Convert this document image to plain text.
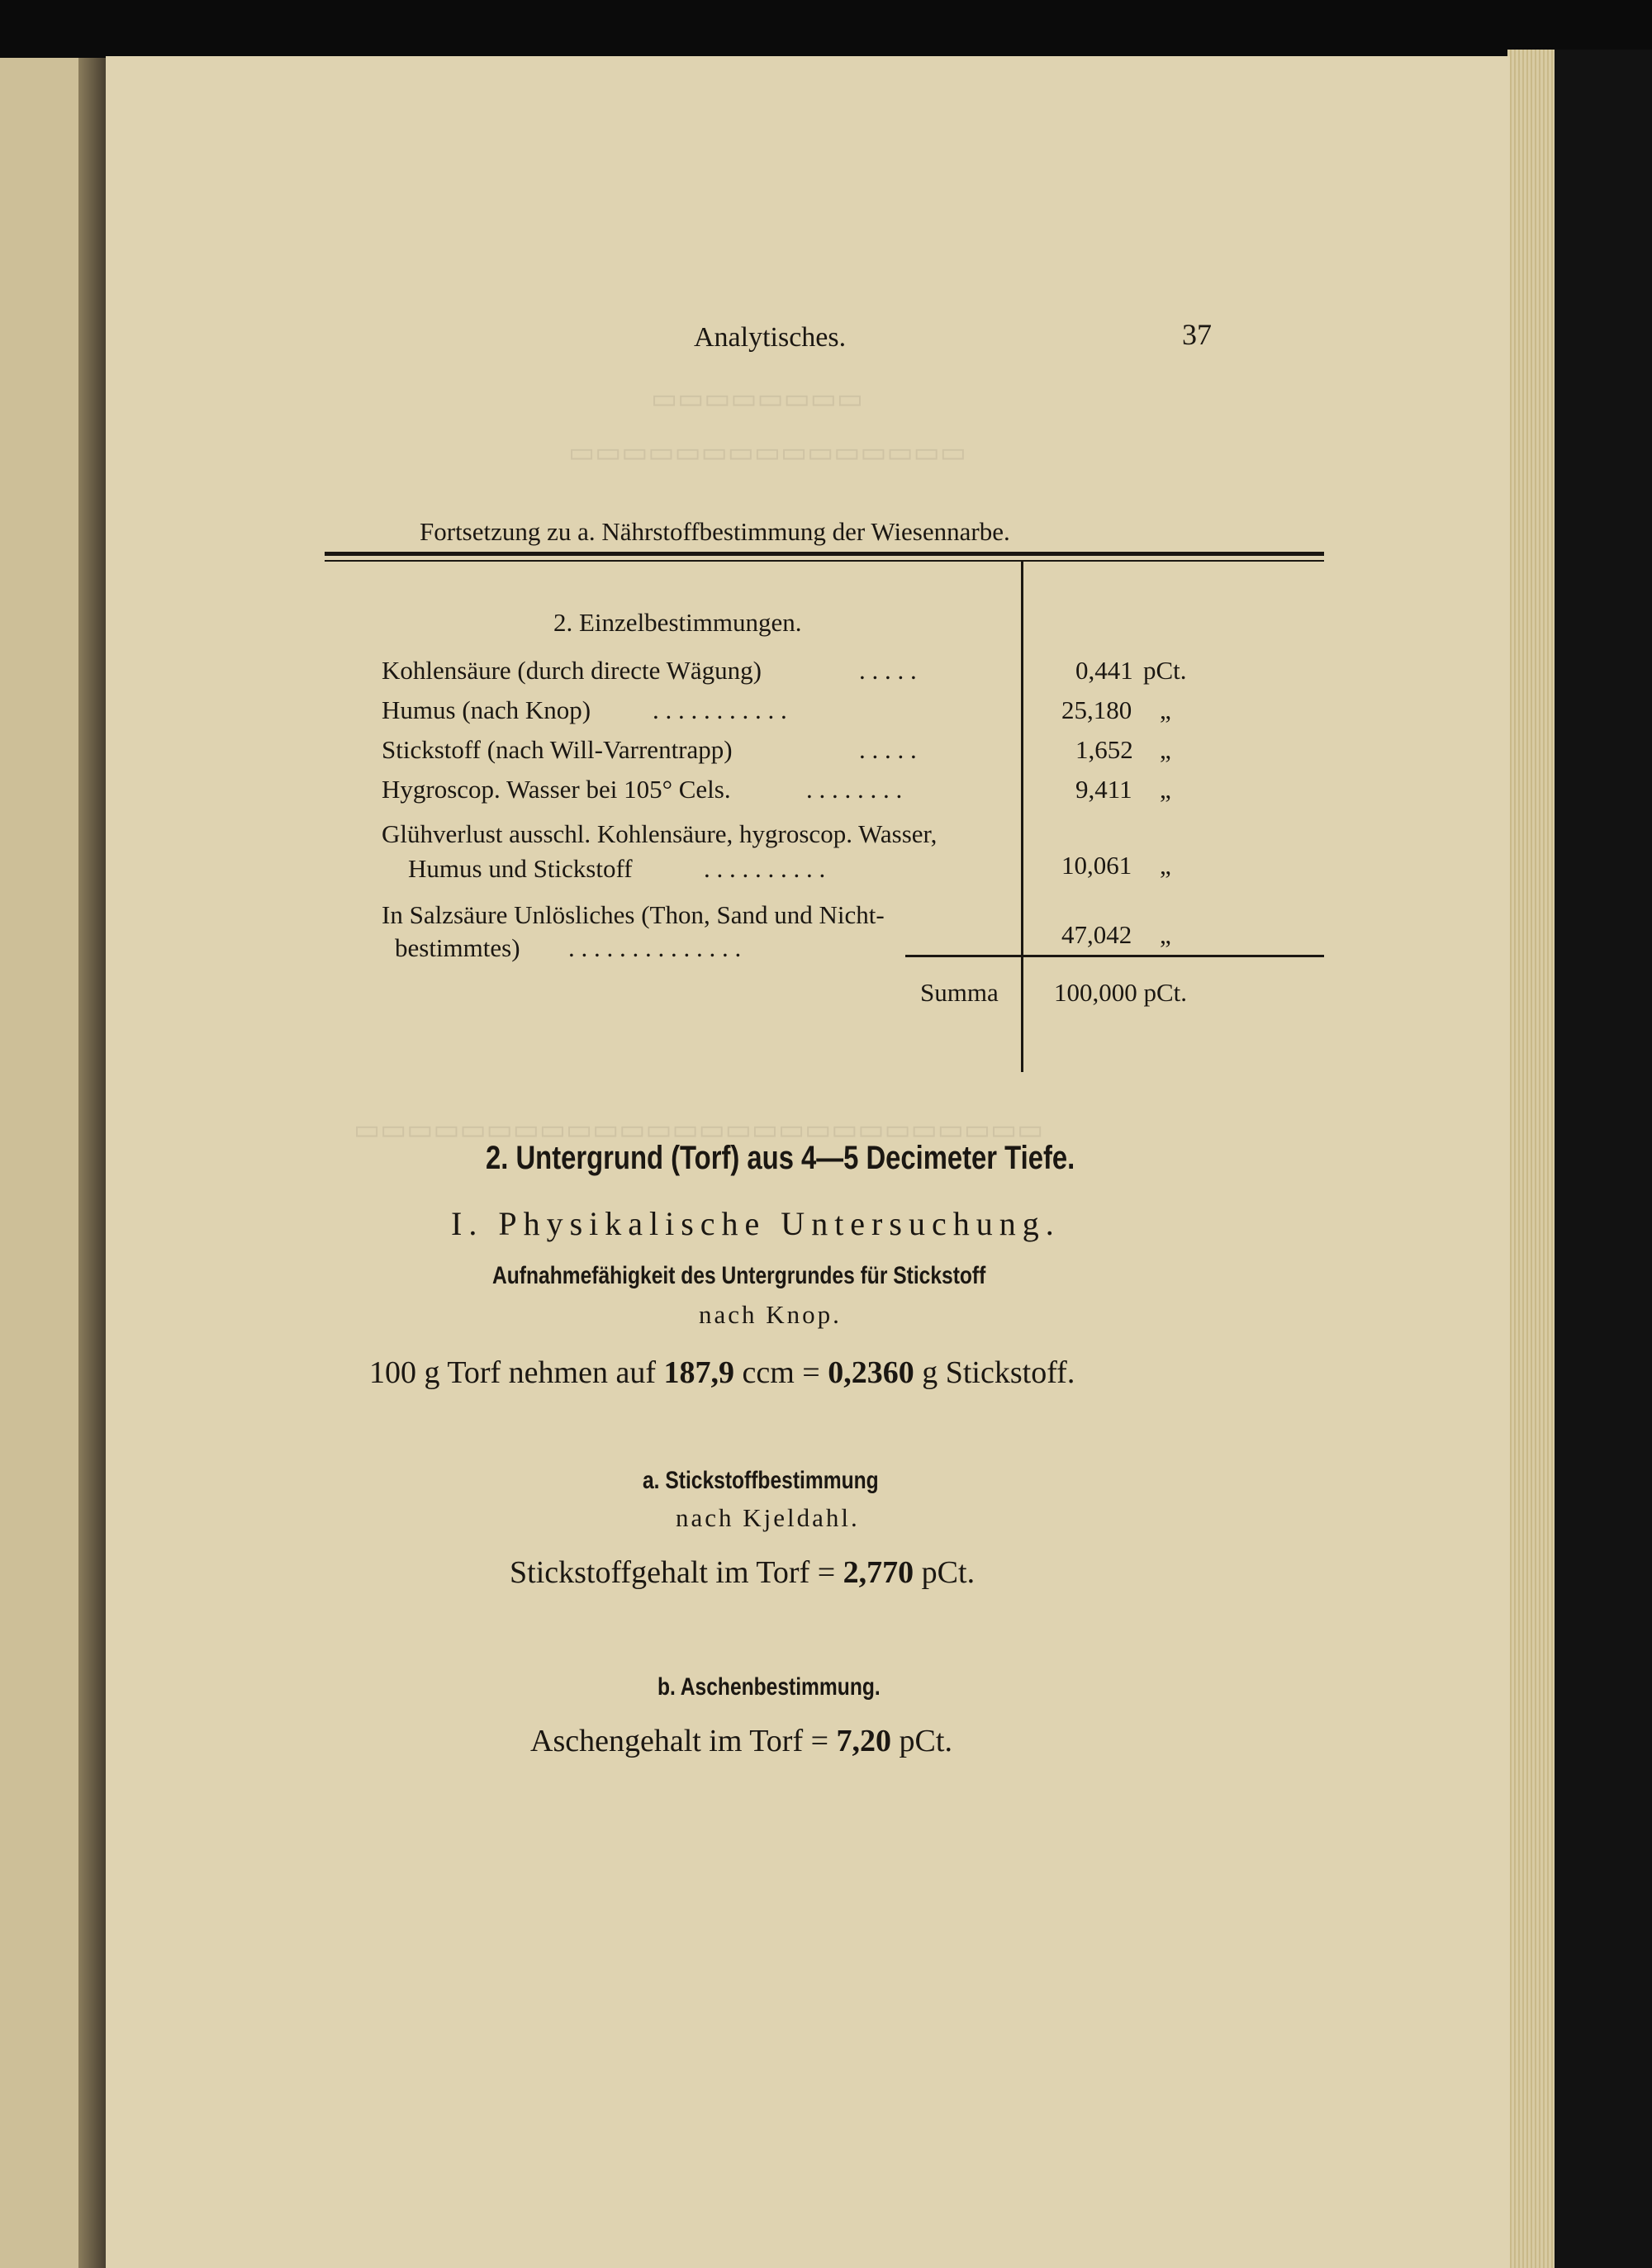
▭▭▭▭▭▭▭▭
▭▭▭▭▭▭▭▭▭▭▭▭▭▭▭
▭▭▭▭▭▭▭▭▭▭▭▭▭▭▭▭▭▭▭▭▭▭▭▭▭▭
Analytisches.	37
Fortsetzung zu a. Nährstoffbestimmung der Wiesennarbe.
2. Einzelbestimmungen.
Kohlensäure (durch directe Wägung)	. . . . .	0,441 pCt.
Humus (nach Knop) . . . . . . . . . . .	25,180 „
Stickstoff (nach Will-Varrentrapp)	. . . . .	1,652 „
Hygroscop. Wasser bei 105° Cels.	. . . . . . . .	9,411 „
Glühverlust ausschl. Kohlensäure, hygroscop. Wasser,
Humus und Stickstoff	. . . . . . . . . .	10,061 „
In Salzsäure Unlösliches (Thon, Sand und Nicht-
bestimmtes) . . . . . . . . . . . . . .	47,042 „
Summa 100,000 pCt.
2. Untergrund (Torf) aus 4—5 Decimeter Tiefe.
I. Physikalische Untersuchung.
Aufnahmefähigkeit des Untergrundes für Stickstoff
nach Knop.
100 g Torf nehmen auf 187,9 ccm = 0,2360 g Stickstoff.
a. Stickstoffbestimmung
nach Kjeldahl.
Stickstoffgehalt im Torf = 2,770 pCt.
b. Aschenbestimmung.
Aschengehalt im Torf = 7,20 pCt.
